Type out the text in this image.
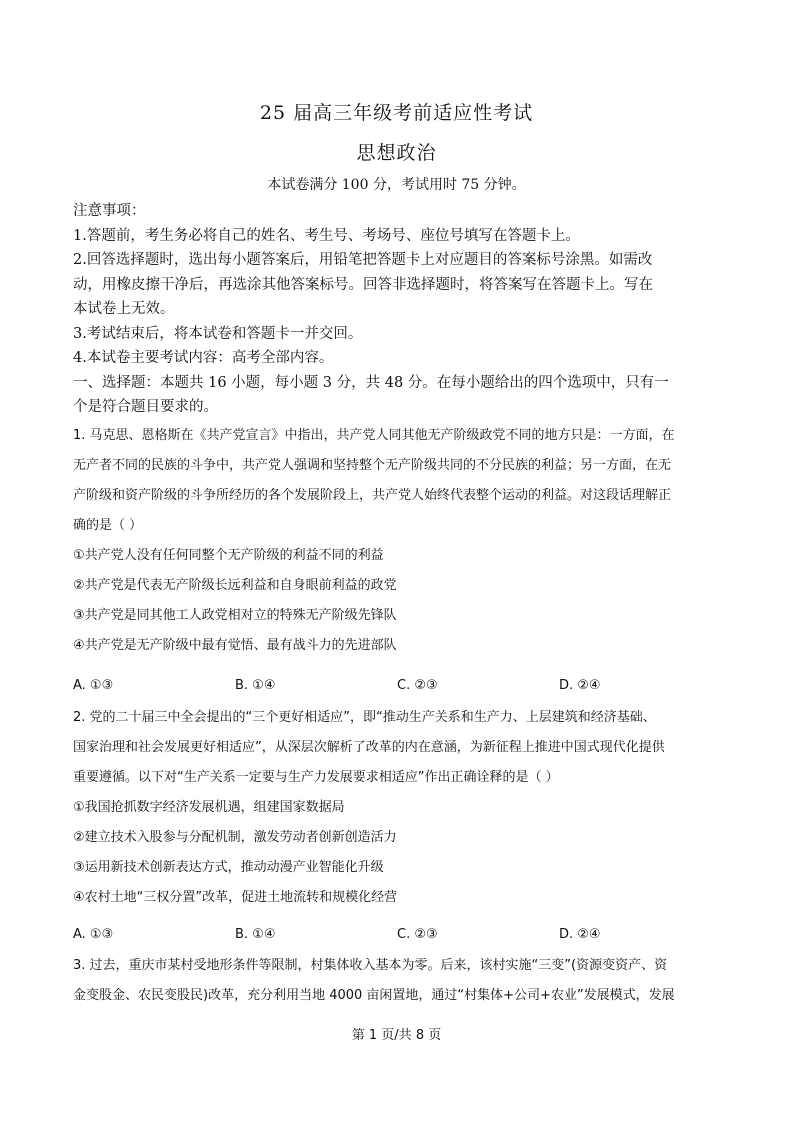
25 届高三年级考前适应性考试
思想政治
本试卷满分 100 分，考试用时 75 分钟。
注意事项：
1.答题前，考生务必将自己的姓名、考生号、考场号、座位号填写在答题卡上。
2.回答选择题时，选出每小题答案后，用铅笔把答题卡上对应题目的答案标号涂黑。如需改
动，用橡皮擦干净后，再选涂其他答案标号。回答非选择题时，将答案写在答题卡上。写在
本试卷上无效。
3.考试结束后，将本试卷和答题卡一并交回。
4.本试卷主要考试内容：高考全部内容。
一、选择题：本题共 16 小题，每小题 3 分，共 48 分。在每小题给出的四个选项中，只有一
个是符合题目要求的。
1. 马克思、恩格斯在《共产党宣言》中指出，共产党人同其他无产阶级政党不同的地方只是：一方面，在
无产者不同的民族的斗争中，共产党人强调和坚持整个无产阶级共同的不分民族的利益；另一方面，在无
产阶级和资产阶级的斗争所经历的各个发展阶段上，共产党人始终代表整个运动的利益。对这段话理解正
确的是（ ）
①共产党人没有任何同整个无产阶级的利益不同的利益
②共产党是代表无产阶级长远利益和自身眼前利益的政党
③共产党是同其他工人政党相对立的特殊无产阶级先锋队
④共产党是无产阶级中最有觉悟、最有战斗力的先进部队
A. ①③	B. ①④	C. ②③	D. ②④
2. 党的二十届三中全会提出的“三个更好相适应”，即“推动生产关系和生产力、上层建筑和经济基础、
国家治理和社会发展更好相适应”，从深层次解析了改革的内在意涵，为新征程上推进中国式现代化提供
重要遵循。以下对“生产关系一定要与生产力发展要求相适应”作出正确诠释的是（ ）
①我国抢抓数字经济发展机遇，组建国家数据局
②建立技术入股参与分配机制，激发劳动者创新创造活力
③运用新技术创新表达方式，推动动漫产业智能化升级
④农村土地“三权分置”改革，促进土地流转和规模化经营
A. ①③	B. ①④	C. ②③	D. ②④
3. 过去，重庆市某村受地形条件等限制，村集体收入基本为零。后来，该村实施“三变”(资源变资产、资
金变股金、农民变股民)改革，充分利用当地 4000 亩闲置地，通过“村集体+公司+农业”发展模式，发展
第 1 页/共 8 页
